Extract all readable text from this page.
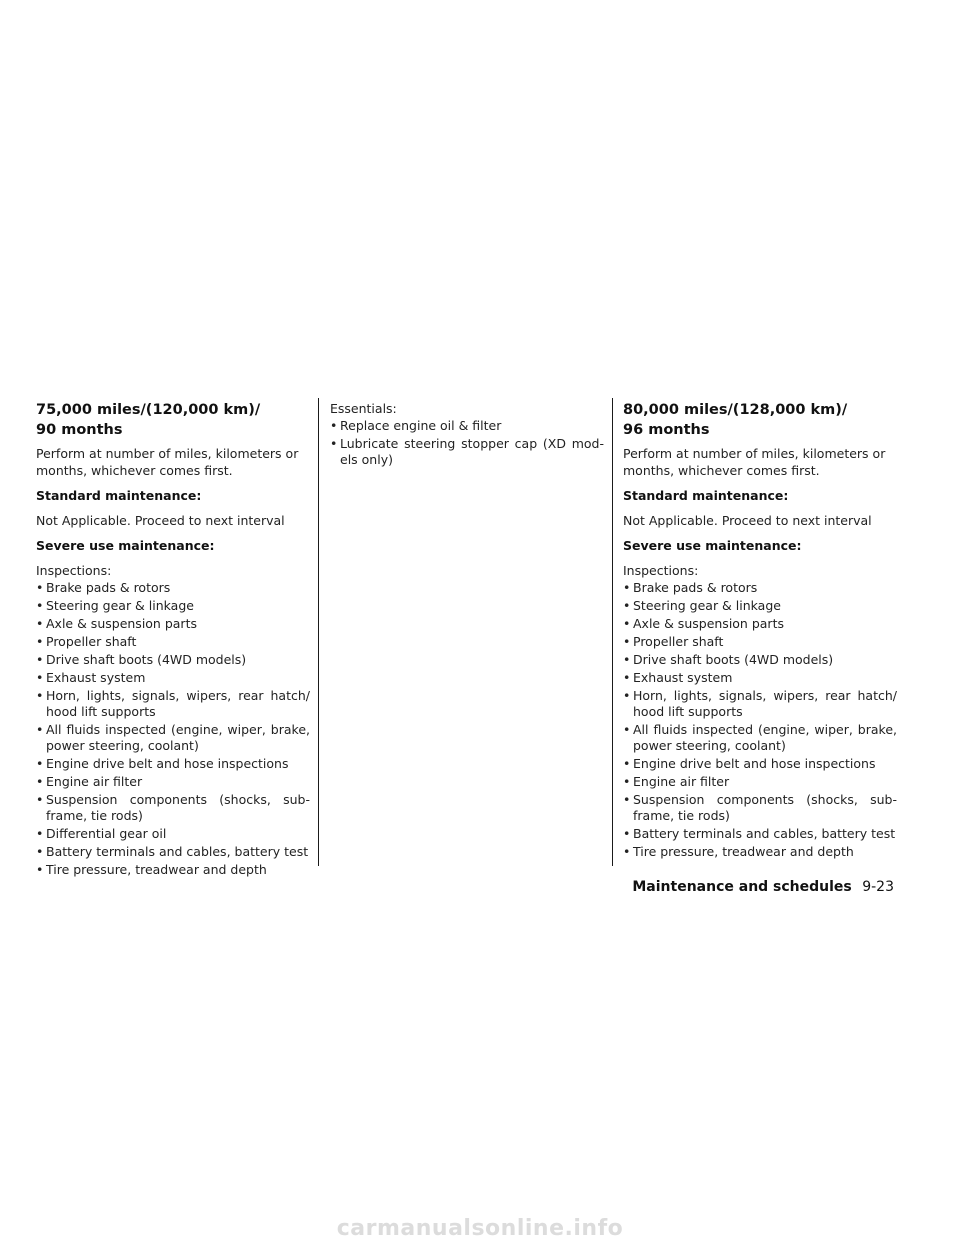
75,000 miles/(120,000 km)/
90 months

Perform at number of miles, kilometers or months, whichever comes first.

Standard maintenance:

Not Applicable. Proceed to next interval

Severe use maintenance:

Inspections:

• Brake pads & rotors
• Steering gear & linkage
• Axle & suspension parts
• Propeller shaft
• Drive shaft boots (4WD models)
• Exhaust system
• Horn, lights, signals, wipers, rear hatch/ hood lift supports
• All fluids inspected (engine, wiper, brake, power steering, coolant)
• Engine drive belt and hose inspections
• Engine air filter
• Suspension components (shocks, sub- frame, tie rods)
• Differential gear oil
• Battery terminals and cables, battery test
• Tire pressure, treadwear and depth

Essentials:

• Replace engine oil & filter
• Lubricate steering stopper cap (XD mod- els only)
80,000 miles/(128,000 km)/
96 months

Perform at number of miles, kilometers or months, whichever comes first.

Standard maintenance:

Not Applicable. Proceed to next interval

Severe use maintenance:

Inspections:

• Brake pads & rotors
• Steering gear & linkage
• Axle & suspension parts
• Propeller shaft
• Drive shaft boots (4WD models)
• Exhaust system
• Horn, lights, signals, wipers, rear hatch/ hood lift supports
• All fluids inspected (engine, wiper, brake, power steering, coolant)
• Engine drive belt and hose inspections
• Engine air filter
• Suspension components (shocks, sub- frame, tie rods)
• Battery terminals and cables, battery test
• Tire pressure, treadwear and depth
Maintenance and schedules 9-23
carmanualsonline.info
